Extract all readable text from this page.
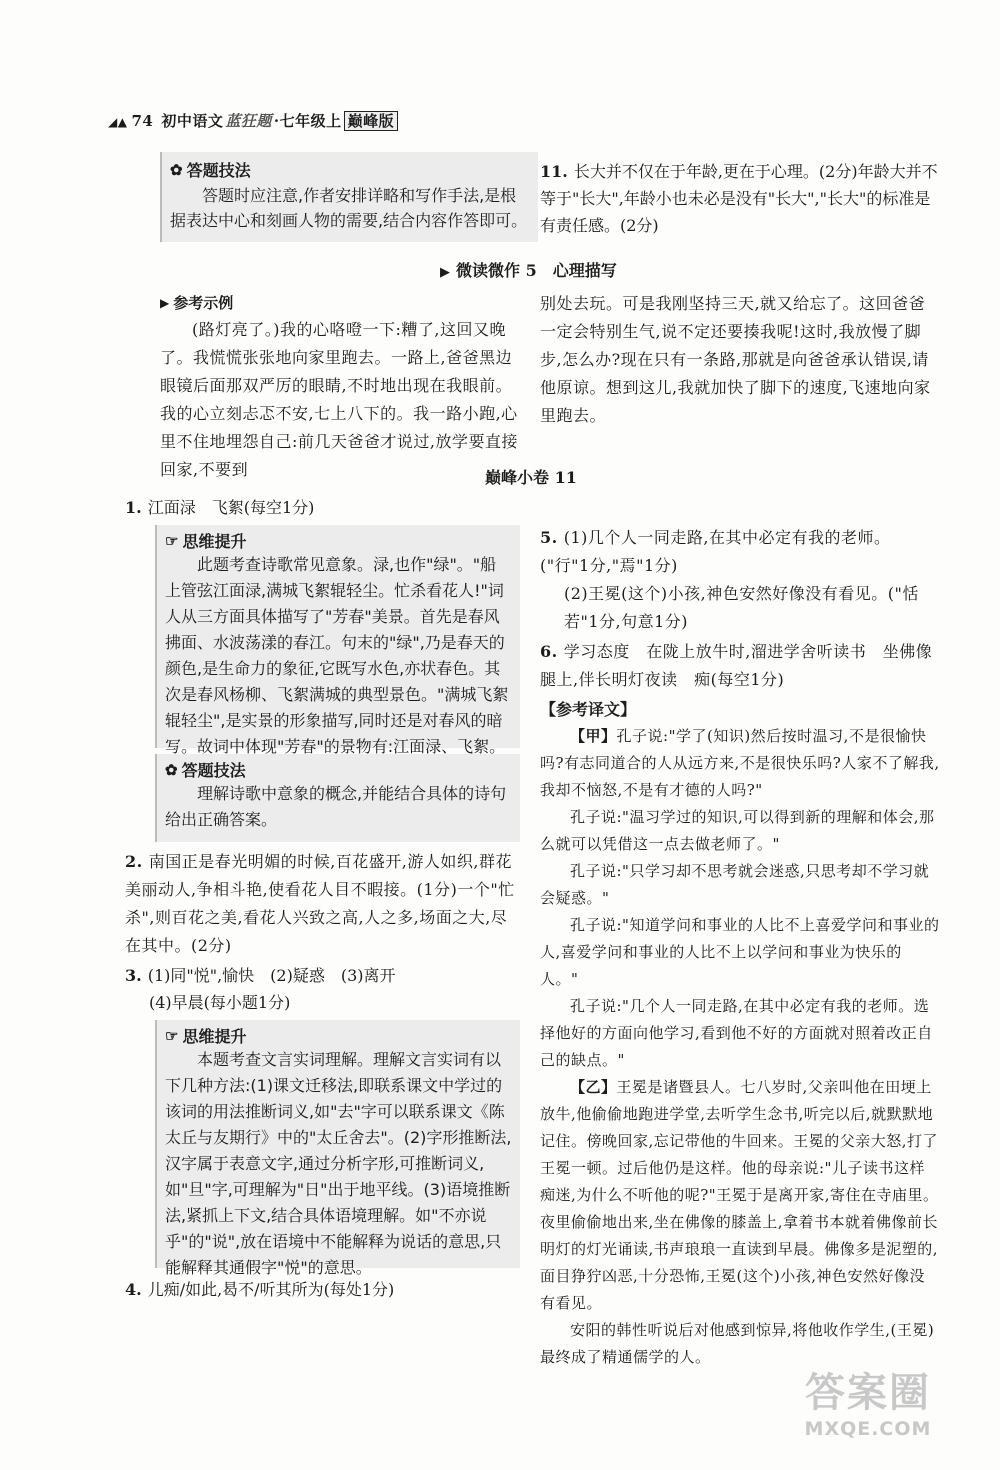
◢▲ 74 初中语文 蓝狂题 ·七年级上 巅峰版
✿ 答题技法

答题时应注意,作者安排详略和写作手法,是根据表达中心和刻画人物的需要,结合内容作答即可。

11. 长大并不仅在于年龄,更在于心理。(2分)年龄大并不等于"长大",年龄小也未必是没有"长大","长大"的标准是有责任感。(2分)

▶ 微读微作 5　心理描写
▶ 参考示例

(路灯亮了。)我的心咯噔一下:糟了,这回又晚了。我慌慌张张地向家里跑去。一路上,爸爸黑边眼镜后面那双严厉的眼睛,不时地出现在我眼前。我的心立刻忐忑不安,七上八下的。我一路小跑,心里不住地埋怨自己:前几天爸爸才说过,放学要直接回家,不要到

别处去玩。可是我刚坚持三天,就又给忘了。这回爸爸一定会特别生气,说不定还要揍我呢!这时,我放慢了脚步,怎么办?现在只有一条路,那就是向爸爸承认错误,请他原谅。想到这儿,我就加快了脚下的速度,飞速地向家里跑去。

巅峰小卷 11

1. 江面渌　飞絮(每空1分)

☞ 思维提升

此题考查诗歌常见意象。渌,也作"绿"。"船上管弦江面渌,满城飞絮辊轻尘。忙杀看花人!"词人从三方面具体描写了"芳春"美景。首先是春风拂面、水波荡漾的春江。句末的"绿",乃是春天的颜色,是生命力的象征,它既写水色,亦状春色。其次是春风杨柳、飞絮满城的典型景色。"满城飞絮辊轻尘",是实景的形象描写,同时还是对春风的暗写。故词中体现"芳春"的景物有:江面渌、飞絮。

✿ 答题技法

理解诗歌中意象的概念,并能结合具体的诗句给出正确答案。

2. 南国正是春光明媚的时候,百花盛开,游人如织,群花美丽动人,争相斗艳,使看花人目不暇接。(1分)一个"忙杀",则百花之美,看花人兴致之高,人之多,场面之大,尽在其中。(2分)

3. (1)同"悦",愉快　(2)疑惑　(3)离开

(4)早晨(每小题1分)

☞ 思维提升

本题考查文言实词理解。理解文言实词有以下几种方法:(1)课文迁移法,即联系课文中学过的该词的用法推断词义,如"去"字可以联系课文《陈太丘与友期行》中的"太丘舍去"。(2)字形推断法,汉字属于表意文字,通过分析字形,可推断词义,如"旦"字,可理解为"日"出于地平线。(3)语境推断法,紧抓上下文,结合具体语境理解。如"不亦说乎"的"说",放在语境中不能解释为说话的意思,只能解释其通假字"悦"的意思。

4. 儿痴/如此,曷不/听其所为(每处1分)

5. (1)几个人一同走路,在其中必定有我的老师。("行"1分,"焉"1分)

(2)王冕(这个)小孩,神色安然好像没有看见。("恬若"1分,句意1分)

6. 学习态度　在陇上放牛时,溜进学舍听读书　坐佛像腿上,伴长明灯夜读　痴(每空1分)

【参考译文】

【甲】孔子说:"学了(知识)然后按时温习,不是很愉快吗?有志同道合的人从远方来,不是很快乐吗?人家不了解我,我却不恼怒,不是有才德的人吗?"

孔子说:"温习学过的知识,可以得到新的理解和体会,那么就可以凭借这一点去做老师了。"

孔子说:"只学习却不思考就会迷惑,只思考却不学习就会疑惑。"

孔子说:"知道学问和事业的人比不上喜爱学问和事业的人,喜爱学问和事业的人比不上以学问和事业为快乐的人。"

孔子说:"几个人一同走路,在其中必定有我的老师。选择他好的方面向他学习,看到他不好的方面就对照着改正自己的缺点。"

【乙】王冕是诸暨县人。七八岁时,父亲叫他在田埂上放牛,他偷偷地跑进学堂,去听学生念书,听完以后,就默默地记住。傍晚回家,忘记带他的牛回来。王冕的父亲大怒,打了王冕一顿。过后他仍是这样。他的母亲说:"儿子读书这样痴迷,为什么不听他的呢?"王冕于是离开家,寄住在寺庙里。夜里偷偷地出来,坐在佛像的膝盖上,拿着书本就着佛像前长明灯的灯光诵读,书声琅琅一直读到早晨。佛像多是泥塑的,面目狰狞凶恶,十分恐怖,王冕(这个)小孩,神色安然好像没有看见。

安阳的韩性听说后对他感到惊异,将他收作学生,(王冕)最终成了精通儒学的人。

答案圈
MXQE.COM
